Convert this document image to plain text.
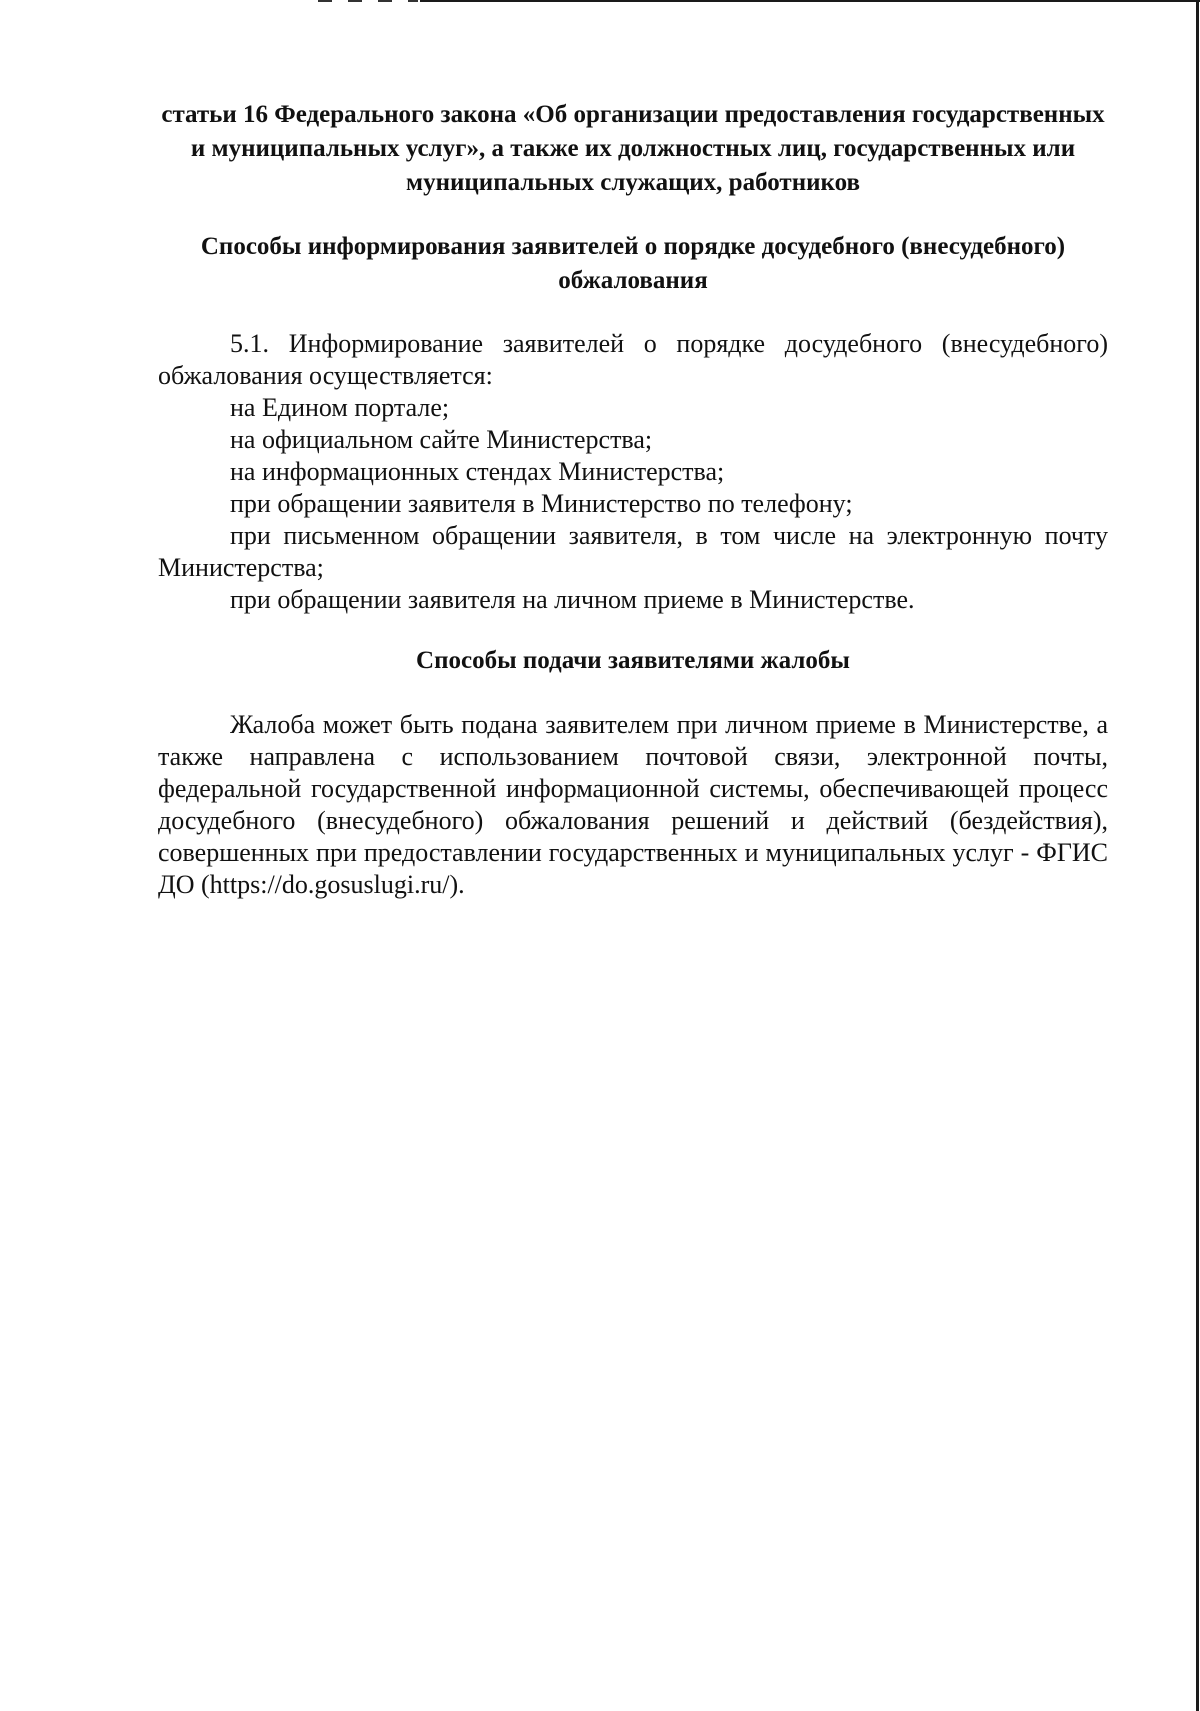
статьи 16 Федерального закона «Об организации предоставления государственных и муниципальных услуг», а также их должностных лиц, государственных или муниципальных служащих, работников

Способы информирования заявителей о порядке досудебного (внесудебного) обжалования

5.1. Информирование заявителей о порядке досудебного (внесудебного) обжалования осуществляется:

на Едином портале;
на официальном сайте Министерства;
на информационных стендах Министерства;
при обращении заявителя в Министерство по телефону;
при письменном обращении заявителя, в том числе на электронную почту Министерства;
при обращении заявителя на личном приеме в Министерстве.

Способы подачи заявителями жалобы

Жалоба может быть подана заявителем при личном приеме в Министерстве, а также направлена с использованием почтовой связи, электронной почты, федеральной государственной информационной системы, обеспечивающей процесс досудебного (внесудебного) обжалования решений и действий (бездействия), совершенных при предоставлении государственных и муниципальных услуг - ФГИС ДО (https://do.gosuslugi.ru/).
